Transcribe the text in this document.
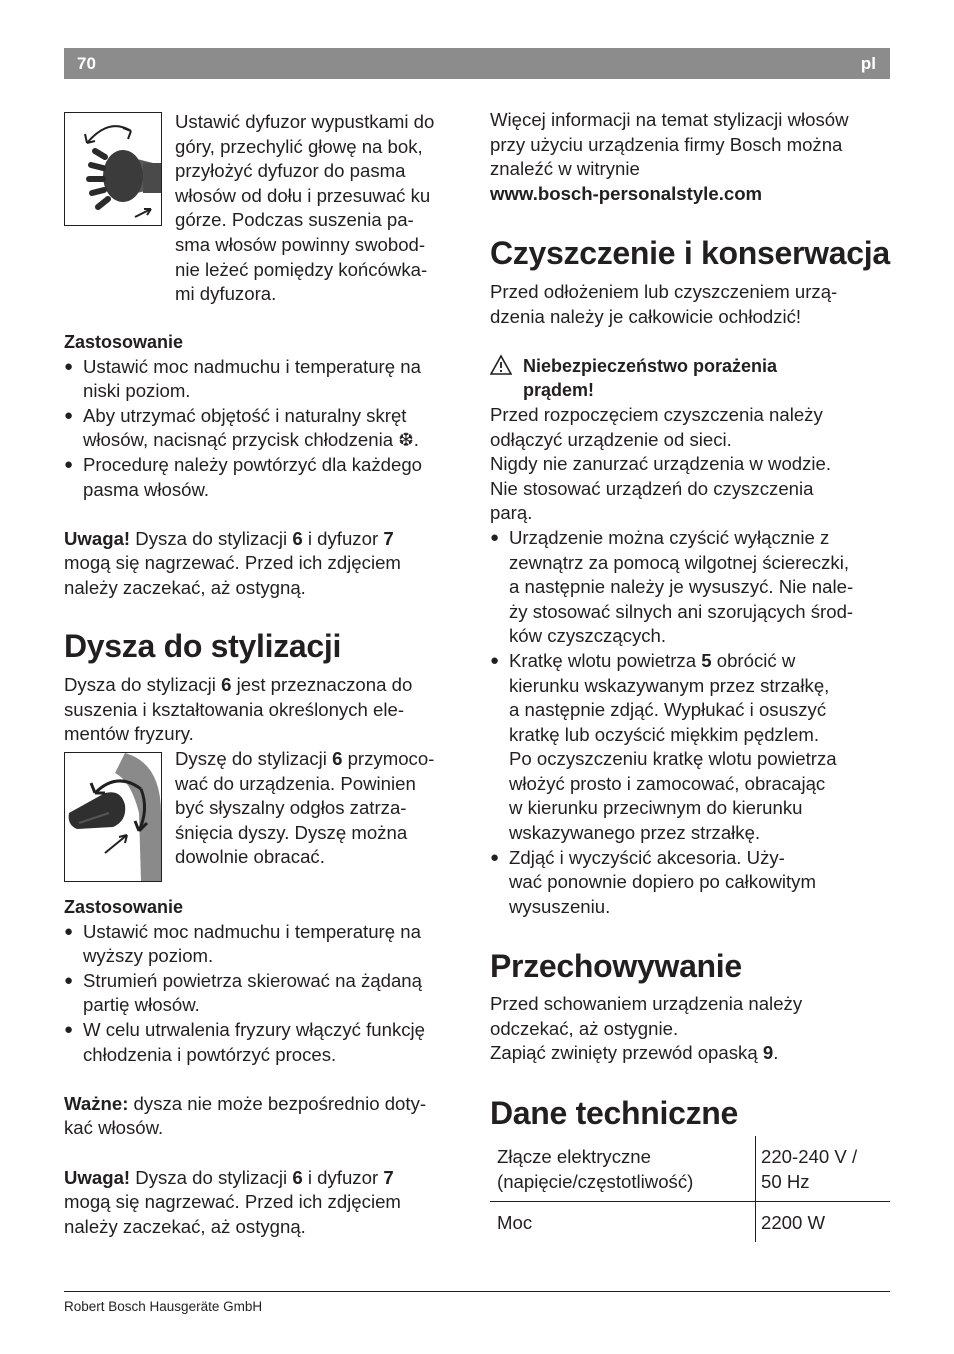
70	pl

Ustawić dyfuzor wypustkami do

góry, przechylić głowę na bok,

przyłożyć dyfuzor do pasma

włosów od dołu i przesuwać ku

górze. Podczas suszenia pa-

sma włosów powinny swobod-

nie leżeć pomiędzy końcówka-

mi dyfuzora.

Zastosowanie

● Ustawić moc nadmuchu i temperaturę na
niski poziom.
● Aby utrzymać objętość i naturalny skręt
włosów, nacisnąć przycisk chłodzenia ❆.
● Procedurę należy powtórzyć dla każdego
pasma włosów.

Uwaga! Dysza do stylizacji 6 i dyfuzor 7

mogą się nagrzewać. Przed ich zdjęciem

należy zaczekać, aż ostygną.

Dysza do stylizacji

Dysza do stylizacji 6 jest przeznaczona do

suszenia i kształtowania określonych ele-

mentów fryzury.

Dyszę do stylizacji 6 przymoco-

wać do urządzenia. Powinien

być słyszalny odgłos zatrza-

śnięcia dyszy. Dyszę można

dowolnie obracać.

Zastosowanie

● Ustawić moc nadmuchu i temperaturę na
wyższy poziom.
● Strumień powietrza skierować na żądaną
partię włosów.
● W celu utrwalenia fryzury włączyć funkcję
chłodzenia i powtórzyć proces.

Ważne: dysza nie może bezpośrednio doty-

kać włosów.

Uwaga! Dysza do stylizacji 6 i dyfuzor 7

mogą się nagrzewać. Przed ich zdjęciem

należy zaczekać, aż ostygną.

Więcej informacji na temat stylizacji włosów

przy użyciu urządzenia firmy Bosch można

znaleźć w witrynie

www.bosch-personalstyle.com

Czyszczenie i konserwacja

Przed odłożeniem lub czyszczeniem urzą-

dzenia należy je całkowicie ochłodzić!

Niebezpieczeństwo porażenia
prądem!

Przed rozpoczęciem czyszczenia należy

odłączyć urządzenie od sieci.

Nigdy nie zanurzać urządzenia w wodzie.

Nie stosować urządzeń do czyszczenia

parą.

● Urządzenie można czyścić wyłącznie z
zewnątrz za pomocą wilgotnej ściereczki,
a następnie należy je wysuszyć. Nie nale-
ży stosować silnych ani szorujących środ-
ków czyszczących.
● Kratkę wlotu powietrza 5 obrócić w
kierunku wskazywanym przez strzałkę,
a następnie zdjąć. Wypłukać i osuszyć
kratkę lub oczyścić miękkim pędzlem.
Po oczyszczeniu kratkę wlotu powietrza
włożyć prosto i zamocować, obracając
w kierunku przeciwnym do kierunku
wskazywanego przez strzałkę.
● Zdjąć i wyczyścić akcesoria. Uży-
wać ponownie dopiero po całkowitym
wysuszeniu.
Przechowywanie

Przed schowaniem urządzenia należy

odczekać, aż ostygnie.

Zapiąć zwinięty przewód opaską 9.

Dane techniczne
Złącze elektryczne
(napięcie/częstotliwość)
220-240 V /
50 Hz
Moc	2200 W
Robert Bosch Hausgeräte GmbH
